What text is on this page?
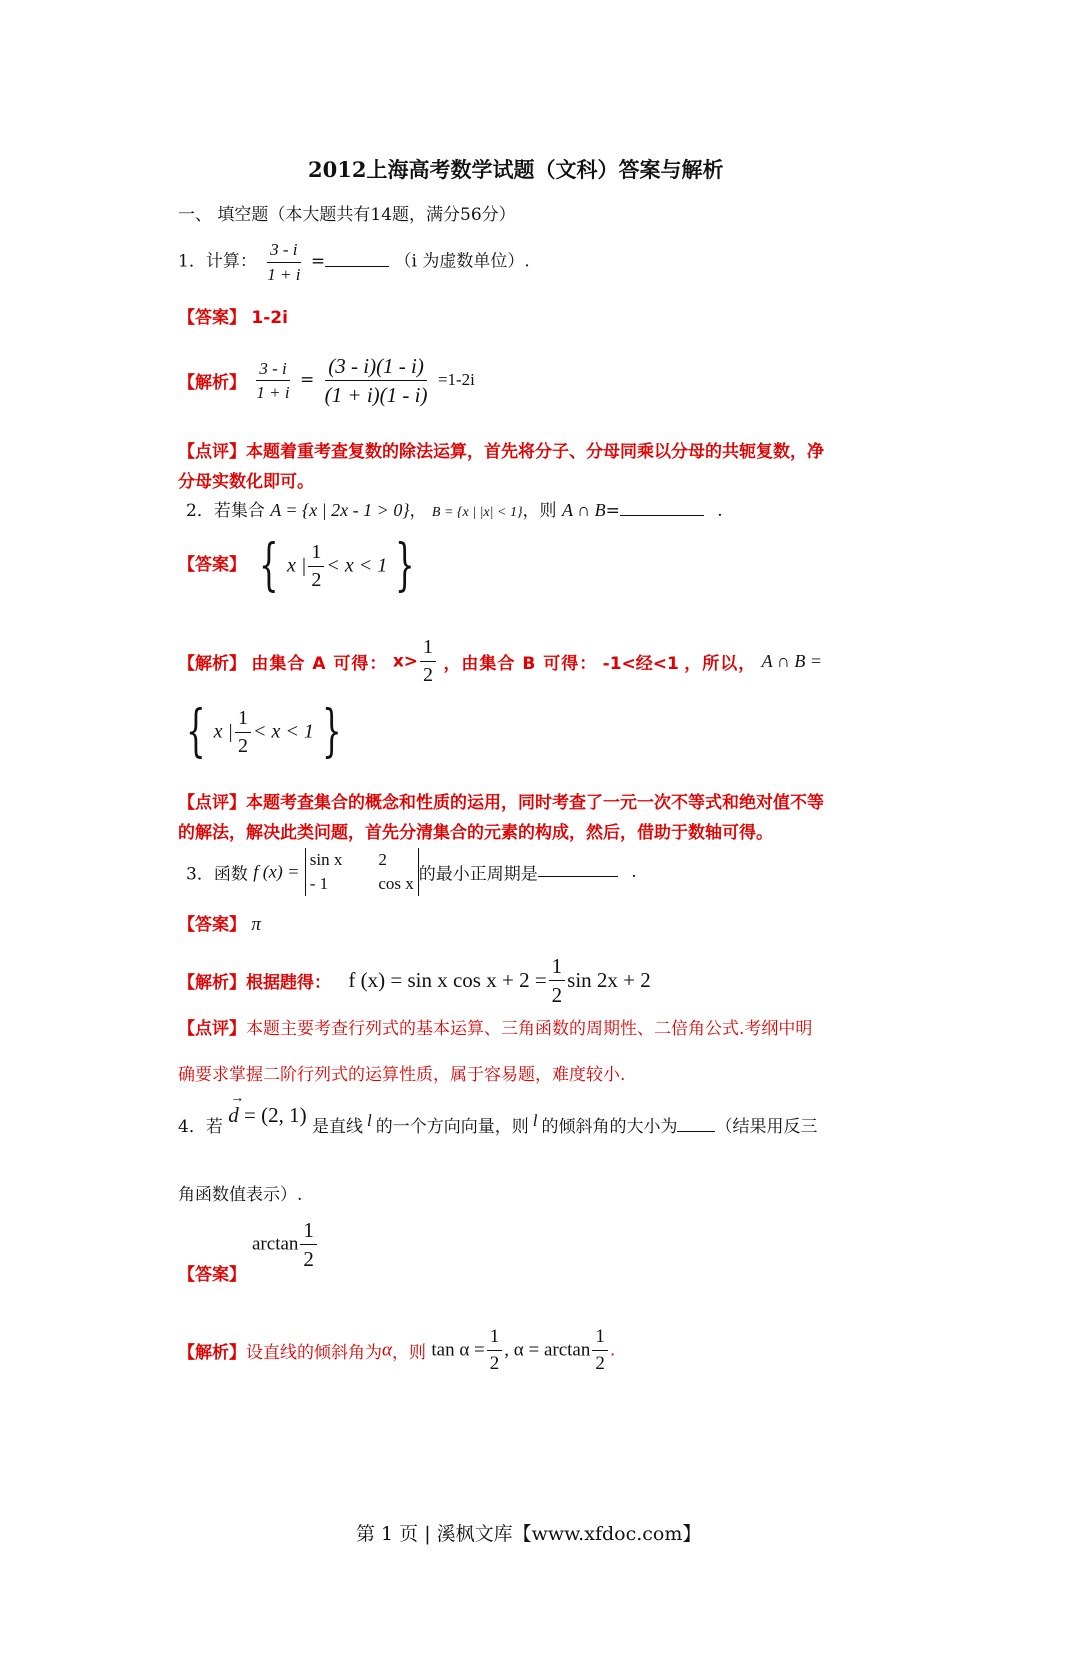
2012上海高考数学试题（文科）答案与解析
一、 填空题（本大题共有14题，满分56分）
1．计算： $\frac{3 - i}{1 + i}$ =	（i 为虚数单位）.
【答案】 1-2i
【解析】 $\frac{3 - i}{1 + i} = \frac{(3 - i)(1 - i)}{(1 + i)(1 - i)} =1-2i$
【点评】本题着重考查复数的除法运算，首先将分子、分母同乘以分母的共轭复数，净
分母实数化即可。
2．若集合 A = {x | 2x - 1 > 0}， B = {x | |x| < 1}，则 A ∩ B=	.
【答案】 { x | $\frac{1}{2} < x < 1$ }
【解析】 由集合 A 可得： $x> \frac{1}{2}$ ，由集合 B 可得： -1<经<1 ，所以， A ∩ B =
{ x | $\frac{1}{2} < x < 1$ }
【点评】本题考查集合的概念和性质的运用，同时考查了一元一次不等式和绝对值不等
的解法，解决此类问题，首先分清集合的元素的构成，然后，借助于数轴可得。
3．函数 f (x) =
sin x 2
- 1	cos x 的最小正周期是	.
【答案】 π
【解析】根据韪得： f (x) = sin x $\cos x + 2 = \frac{1}{2}$ sin 2x + 2
【点评】本题主要考查行列式的基本运算、三角函数的周期性、二倍角公式.考纲中明
确要求掌握二阶行列式的运算性质，属于容易题，难度较小.
4．若 → d = (2, 1) 是直线 l 的一个方向向量，则 l 的倾斜角的大小为 （结果用反三
角函数值表示）.
$\arctan \frac{1}{2}$
【答案】
【解析】设直线的倾斜角为α，则 $\tan \alpha = \frac{1}{2}$ , $\alpha = \arctan \frac{1}{2}$ .
第 1 页 | 溪枫文库【www.xfdoc.com】
